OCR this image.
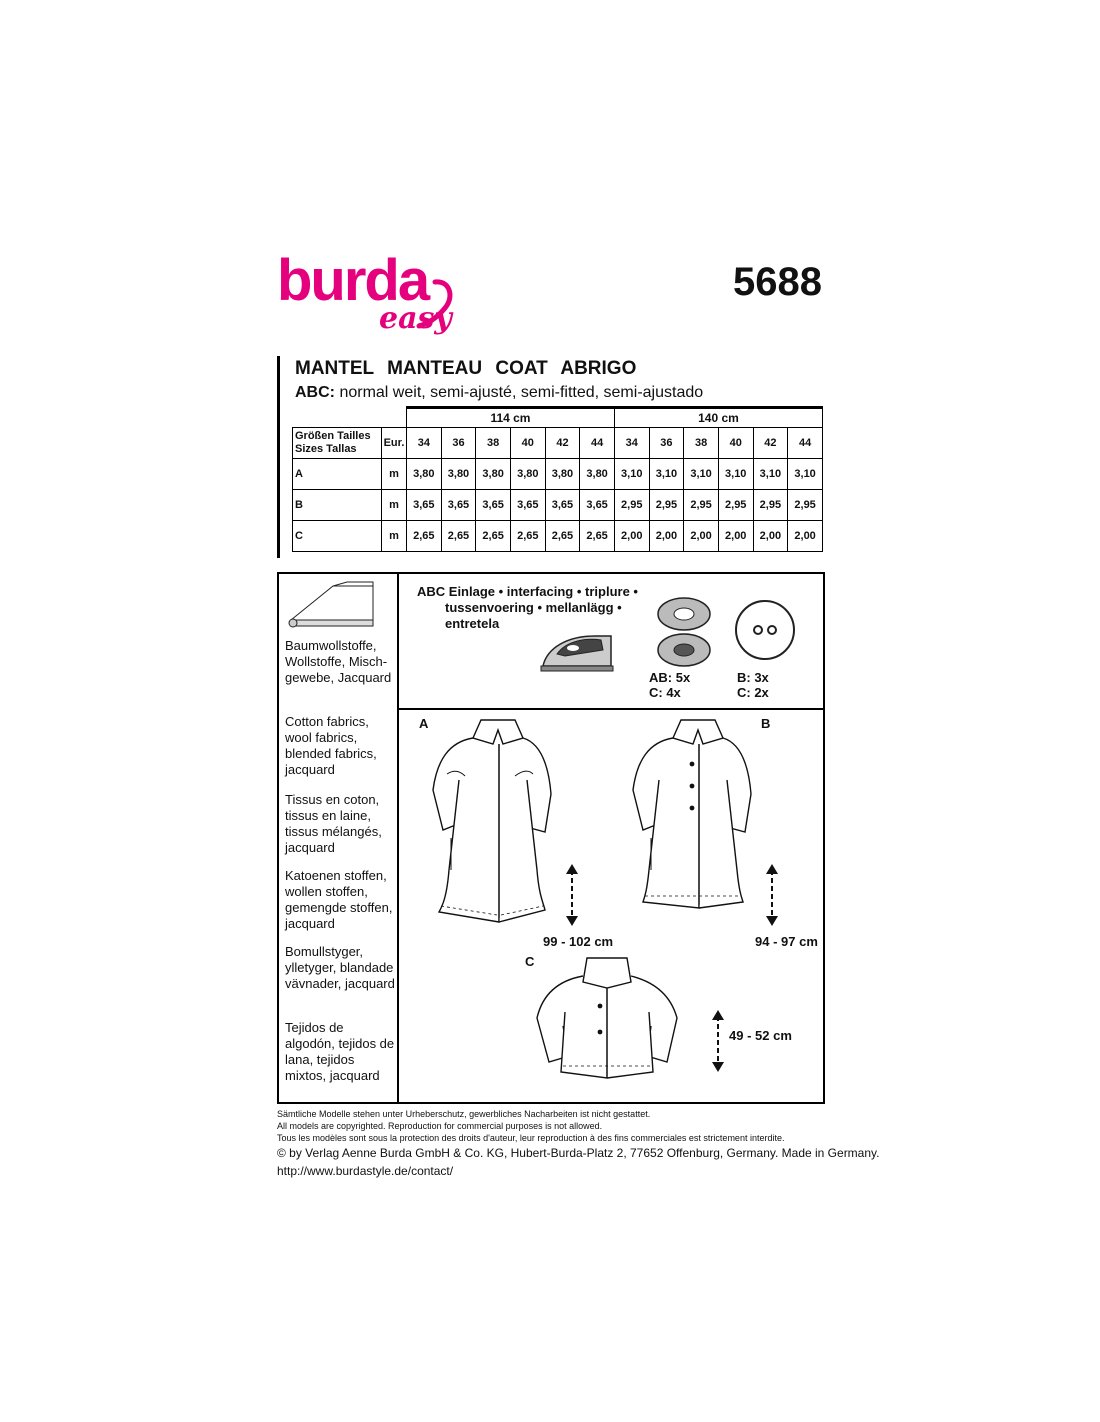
burda
easy
5688
MANTEL MANTEAU COAT ABRIGO
ABC: normal weit, semi-ajusté, semi-fitted, semi-ajustado
		114 cm						140 cm					
Größen Tailles
Sizes Tallas	Eur.	34	36	38	40	42	44	34	36	38	40	42	44
A	m	3,80	3,80	3,80	3,80	3,80	3,80	3,10	3,10	3,10	3,10	3,10	3,10
B	m	3,65	3,65	3,65	3,65	3,65	3,65	2,95	2,95	2,95	2,95	2,95	2,95
C	m	2,65	2,65	2,65	2,65	2,65	2,65	2,00	2,00	2,00	2,00	2,00	2,00
Baumwollstoffe, Wollstoffe, Misch-gewebe, Jacquard
Cotton fabrics, wool fabrics, blended fabrics, jacquard
Tissus en coton, tissus en laine, tissus mélangés, jacquard
Katoenen stoffen, wollen stoffen, gemengde stoffen, jacquard
Bomullstyger, ylletyger, blandade vävnader, jacquard
Tejidos de algodón, tejidos de lana, tejidos mixtos, jacquard
ABC Einlage • interfacing • triplure •
tussenvoering • mellanlägg •
entretela
AB: 5x
C: 4x
B: 3x
C: 2x
A	B
C
99 - 102 cm	94 - 97 cm
49 - 52 cm
Sämtliche Modelle stehen unter Urheberschutz, gewerbliches Nacharbeiten ist nicht gestattet.
All models are copyrighted. Reproduction for commercial purposes is not allowed.
Tous les modèles sont sous la protection des droits d'auteur, leur reproduction à des fins commerciales est strictement interdite.
© by Verlag Aenne Burda GmbH & Co. KG, Hubert-Burda-Platz 2, 77652 Offenburg, Germany. Made in Germany.
http://www.burdastyle.de/contact/
